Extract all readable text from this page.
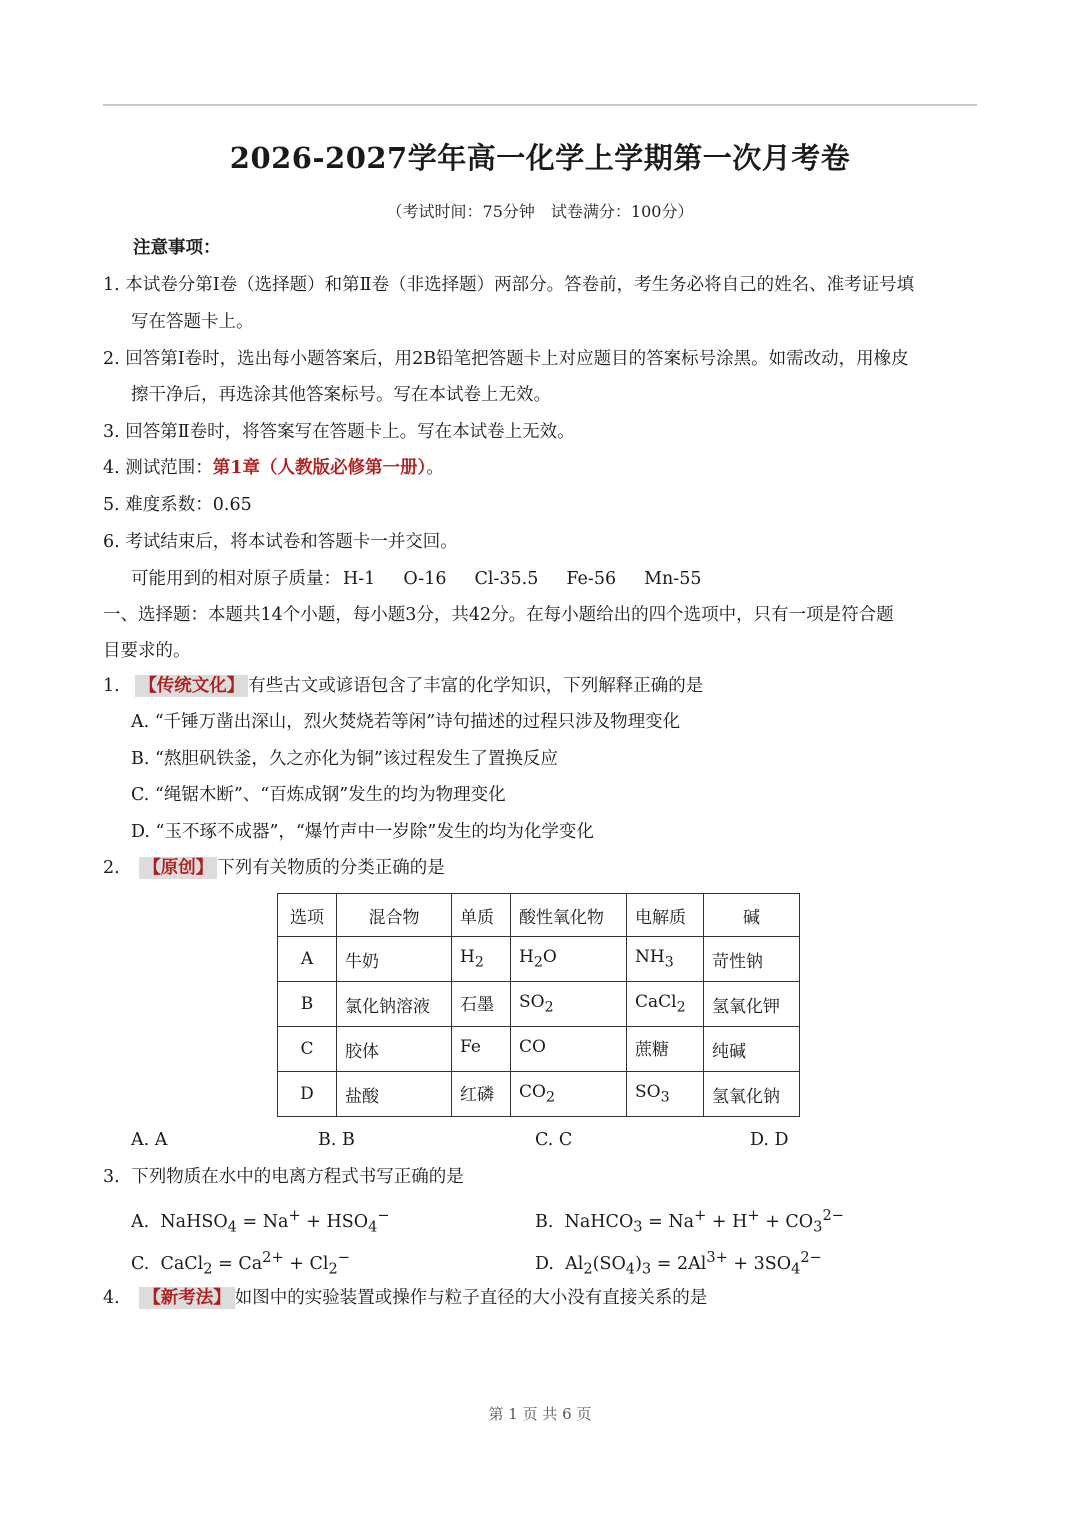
2026-2027学年高一化学上学期第一次月考卷
（考试时间：75分钟　试卷满分：100分）
注意事项：
1. 本试卷分第Ⅰ卷（选择题）和第Ⅱ卷（非选择题）两部分。答卷前，考生务必将自己的姓名、准考证号填
写在答题卡上。
2. 回答第Ⅰ卷时，选出每小题答案后，用2B铅笔把答题卡上对应题目的答案标号涂黑。如需改动，用橡皮
擦干净后，再选涂其他答案标号。写在本试卷上无效。
3. 回答第Ⅱ卷时，将答案写在答题卡上。写在本试卷上无效。
4. 测试范围：第1章（人教版必修第一册）。
5. 难度系数：0.65
6. 考试结束后，将本试卷和答题卡一并交回。
可能用到的相对原子质量： H-1 O-16 Cl-35.5 Fe-56 Mn-55
一、选择题：本题共14个小题，每小题3分，共42分。在每小题给出的四个选项中，只有一项是符合题
目要求的。
1. 【传统文化】 有些古文或谚语包含了丰富的化学知识，下列解释正确的是
A. “千锤万凿出深山，烈火焚烧若等闲”诗句描述的过程只涉及物理变化
B. “熬胆矾铁釜，久之亦化为铜”该过程发生了置换反应
C. “绳锯木断”、“百炼成钢”发生的均为物理变化
D. “玉不琢不成器”，“爆竹声中一岁除”发生的均为化学变化
2. 【原创】 下列有关物质的分类正确的是
选项	混合物	单质	酸性氧化物	电解质	碱
A	牛奶	$H_2$	$H_2O$	$NH_3$	苛性钠
B	氯化钠溶液	石墨	$SO_2$	CaCl$_2$	氢氧化钾
C	胶体	Fe	CO	蔗糖	纯碱
D	盐酸	红磷	$CO_2$	$SO_3$	氢氧化钠
A. A	B. B	C. C	D. D
3. 下列物质在水中的电离方程式书写正确的是
A.  NaHSO$_4$ = $Na^+ + HSO_4^-$	B.  NaHCO$_3$ = $Na^+ + H^+ + CO_3^{2-}$
C.  CaCl$_2$ = $Ca^{2+} + Cl_2^-$	D.  $Al_2(SO_4)_3 = 2Al^{3+} + 3SO_4^{2-}$
4. 【新考法】 如图中的实验装置或操作与粒子直径的大小没有直接关系的是
第 1 页 共 6 页
